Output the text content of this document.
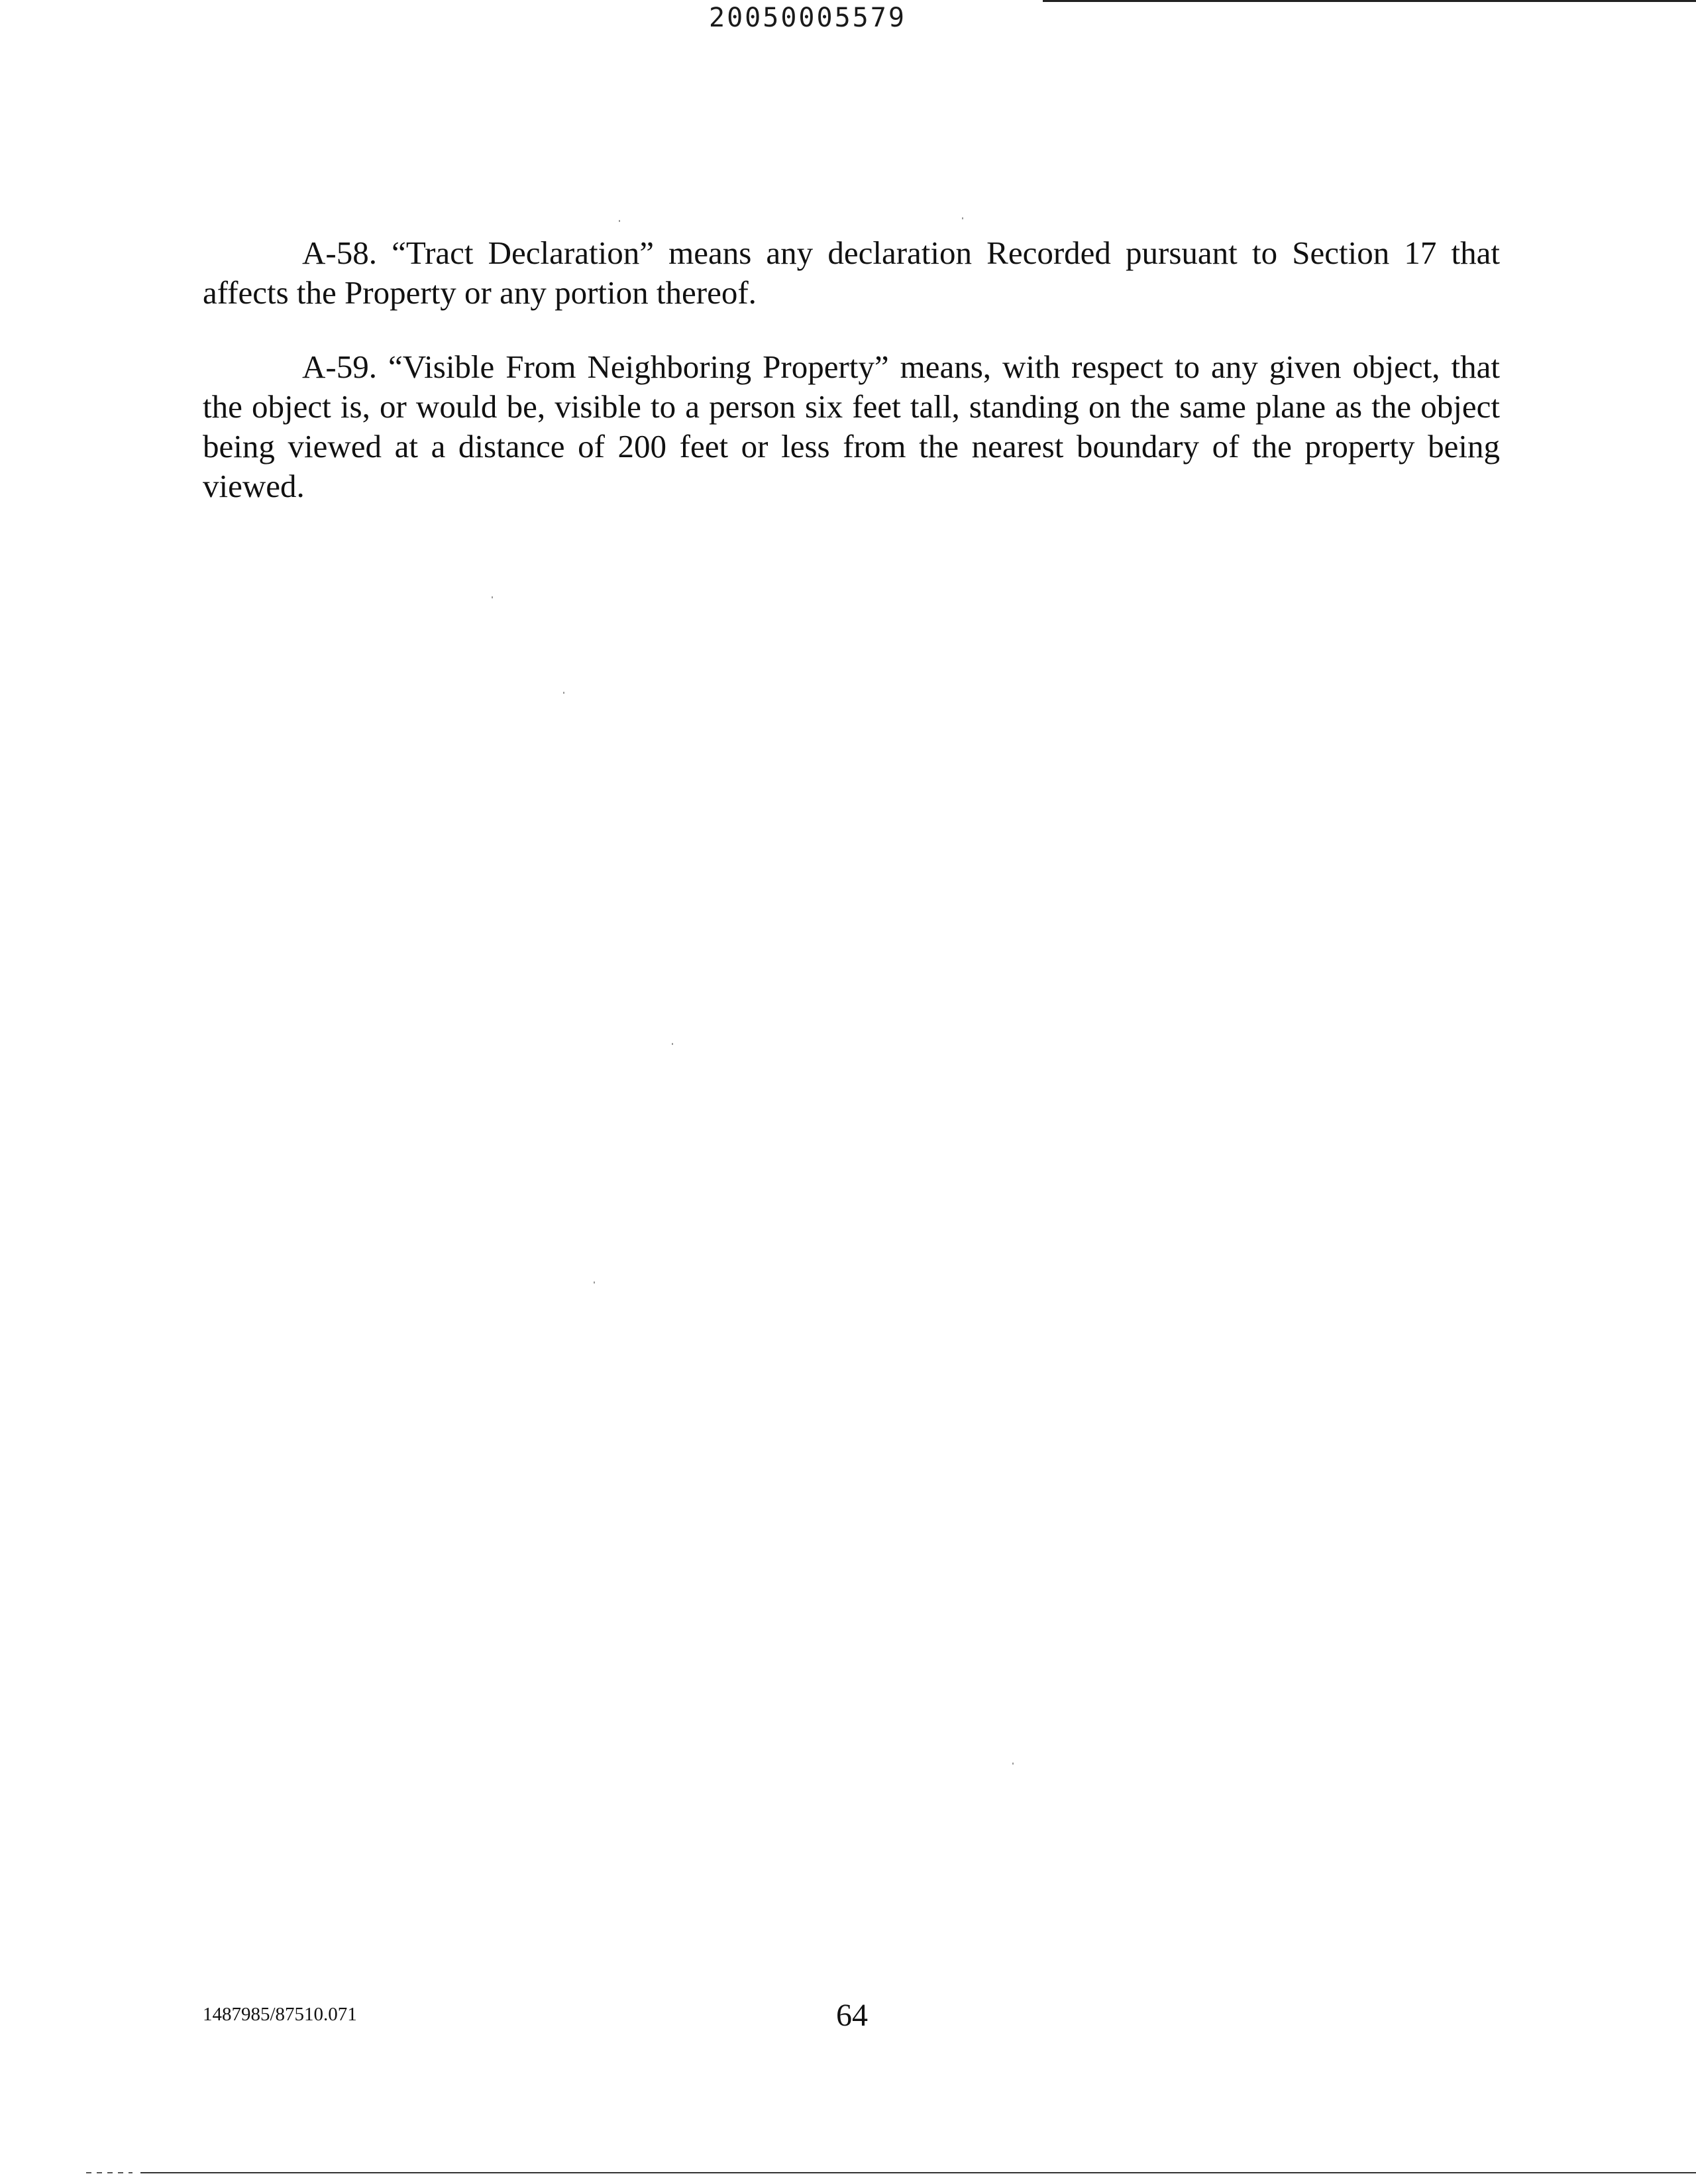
20050005579

A-58. “Tract Declaration” means any declaration Recorded pursuant to Section 17 that affects the Property or any portion thereof.

A-59. “Visible From Neighboring Property” means, with respect to any given object, that the object is, or would be, visible to a person six feet tall, standing on the same plane as the object being viewed at a distance of 200 feet or less from the nearest boundary of the property being viewed.

1487985/87510.071	64
